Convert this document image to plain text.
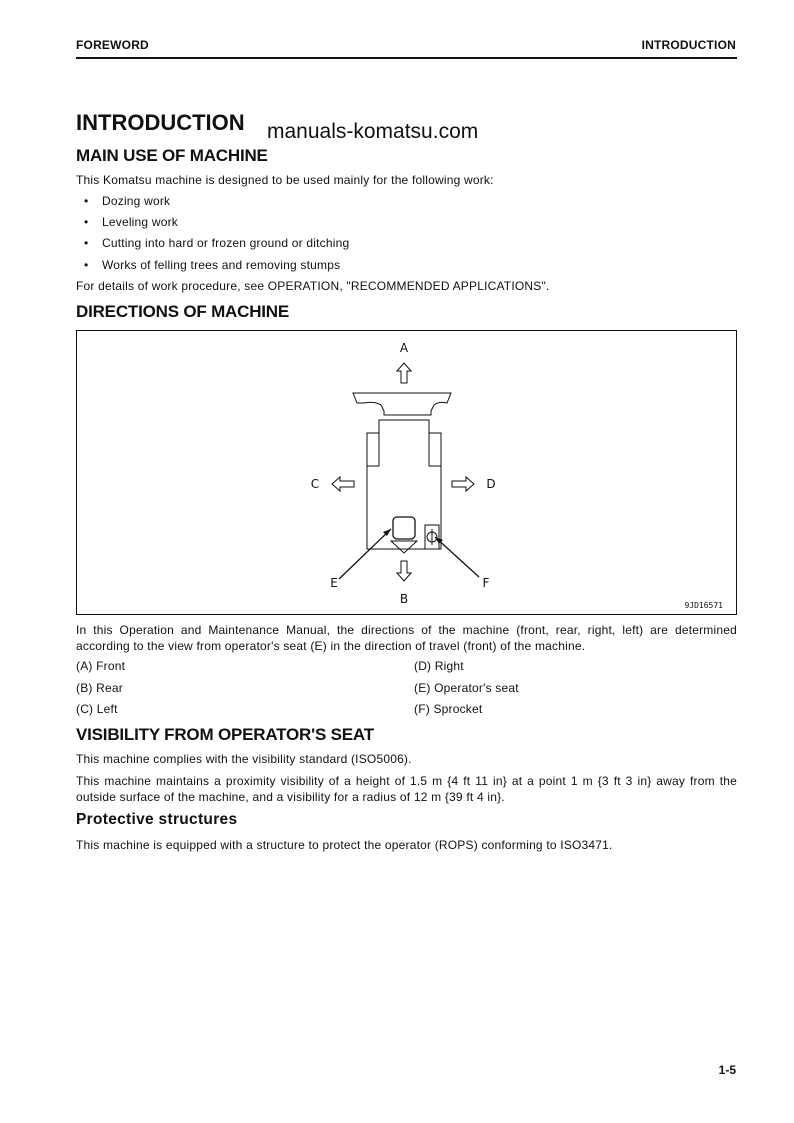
FOREWORD	INTRODUCTION
INTRODUCTION manuals-komatsu.com
MAIN USE OF MACHINE

This Komatsu machine is designed to be used mainly for the following work:

• Dozing work
• Leveling work
• Cutting into hard or frozen ground or ditching
• Works of felling trees and removing stumps

For details of work procedure, see OPERATION, "RECOMMENDED APPLICATIONS".

DIRECTIONS OF MACHINE
A
B
C	D
E	F
9JD16571

In this Operation and Maintenance Manual, the directions of the machine (front, rear, right, left) are determined according to the view from operator's seat (E) in the direction of travel (front) of the machine.

(A) Front
(B) Rear
(C) Left
(D) Right
(E) Operator's seat
(F) Sprocket
VISIBILITY FROM OPERATOR'S SEAT

This machine complies with the visibility standard (ISO5006).

This machine maintains a proximity visibility of a height of 1.5 m {4 ft 11 in} at a point 1 m {3 ft 3 in} away from the outside surface of the machine, and a visibility for a radius of 12 m {39 ft 4 in}.

Protective structures

This machine is equipped with a structure to protect the operator (ROPS) conforming to ISO3471.

1-5
